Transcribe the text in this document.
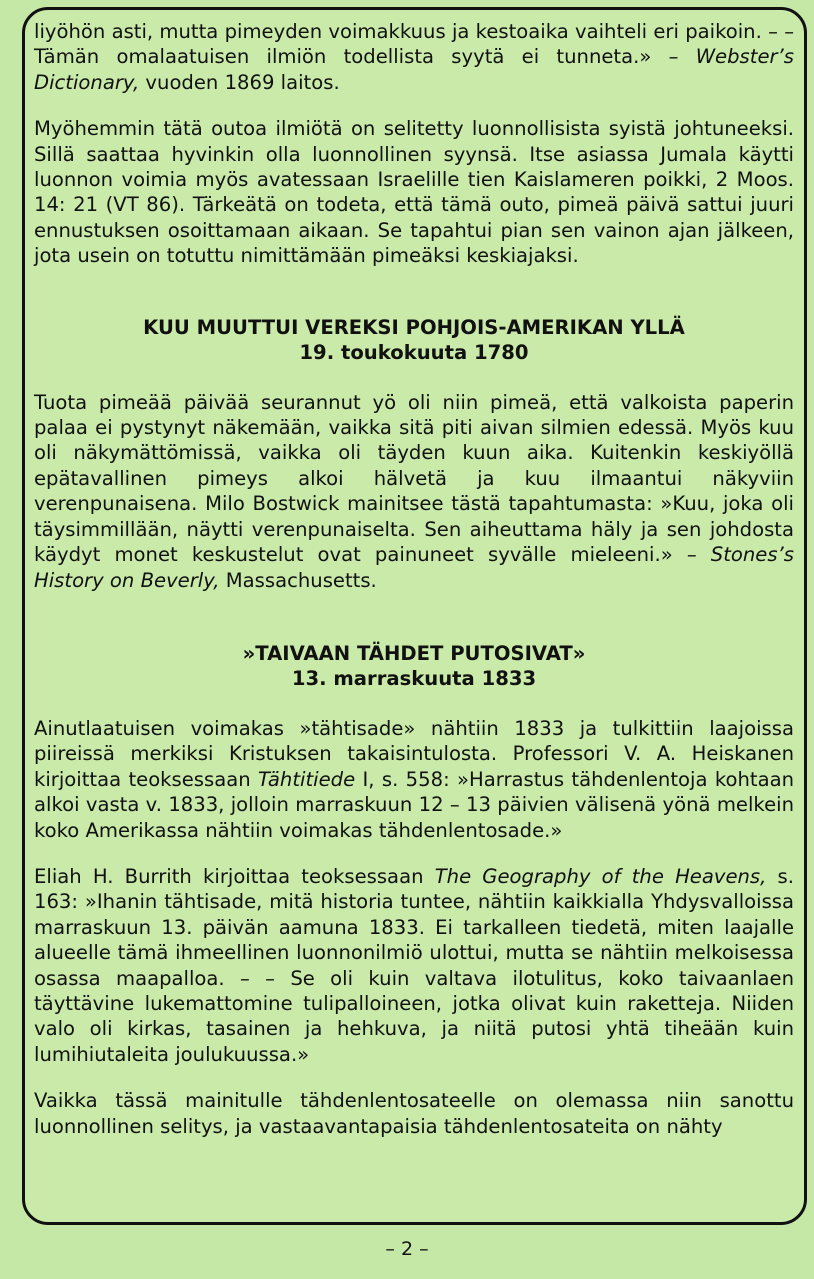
liyöhön asti, mutta pimeyden voimakkuus ja kestoaika vaihteli eri paikoin. – – Tämän omalaatuisen ilmiön todellista syytä ei tunneta.» – Webster’s Dictionary, vuoden 1869 laitos.

Myöhemmin tätä outoa ilmiötä on selitetty luonnollisista syistä johtuneeksi. Sillä saattaa hyvinkin olla luonnollinen syynsä. Itse asiassa Jumala käytti luonnon voimia myös avatessaan Israelille tien Kaislameren poikki, 2 Moos. 14: 21 (VT 86). Tärkeätä on todeta, että tämä outo, pimeä päivä sattui juuri ennustuksen osoittamaan aikaan. Se tapahtui pian sen vainon ajan jälkeen, jota usein on totuttu nimittämään pimeäksi keskiajaksi.

KUU MUUTTUI VEREKSI POHJOIS-AMERIKAN YLLÄ
19. toukokuuta 1780

Tuota pimeää päivää seurannut yö oli niin pimeä, että valkoista paperin palaa ei pystynyt näkemään, vaikka sitä piti aivan silmien edessä. Myös kuu oli näkymättömissä, vaikka oli täyden kuun aika. Kuitenkin keskiyöllä epätavallinen pimeys alkoi hälvetä ja kuu ilmaantui näkyviin verenpunaisena. Milo Bostwick mainitsee tästä tapahtumasta: »Kuu, joka oli täysimmillään, näytti verenpunaiselta. Sen aiheuttama häly ja sen johdosta käydyt monet keskustelut ovat painuneet syvälle mieleeni.» – Stones’s History on Beverly, Massachusetts.

»TAIVAAN TÄHDET PUTOSIVAT»
13. marraskuuta 1833

Ainutlaatuisen voimakas »tähtisade» nähtiin 1833 ja tulkittiin laajoissa piireissä merkiksi Kristuksen takaisintulosta. Professori V. A. Heiskanen kirjoittaa teoksessaan Tähtitiede I, s. 558: »Harrastus tähdenlentoja kohtaan alkoi vasta v. 1833, jolloin marraskuun 12 – 13 päivien välisenä yönä melkein koko Amerikassa nähtiin voimakas tähdenlentosade.»

Eliah H. Burrith kirjoittaa teoksessaan The Geography of the Heavens, s. 163: »Ihanin tähtisade, mitä historia tuntee, nähtiin kaikkialla Yhdysvalloissa marraskuun 13. päivän aamuna 1833. Ei tarkalleen tiedetä, miten laajalle alueelle tämä ihmeellinen luonnonilmiö ulottui, mutta se nähtiin melkoisessa osassa maapalloa. – – Se oli kuin valtava ilotulitus, koko taivaanlaen täyttävine lukemattomine tulipalloineen, jotka olivat kuin raketteja. Niiden valo oli kirkas, tasainen ja hehkuva, ja niitä putosi yhtä tiheään kuin lumihiutaleita joulukuussa.»

Vaikka tässä mainitulle tähdenlentosateelle on olemassa niin sanottu luonnollinen selitys, ja vastaavantapaisia tähdenlentosateita on nähty

– 2 –
